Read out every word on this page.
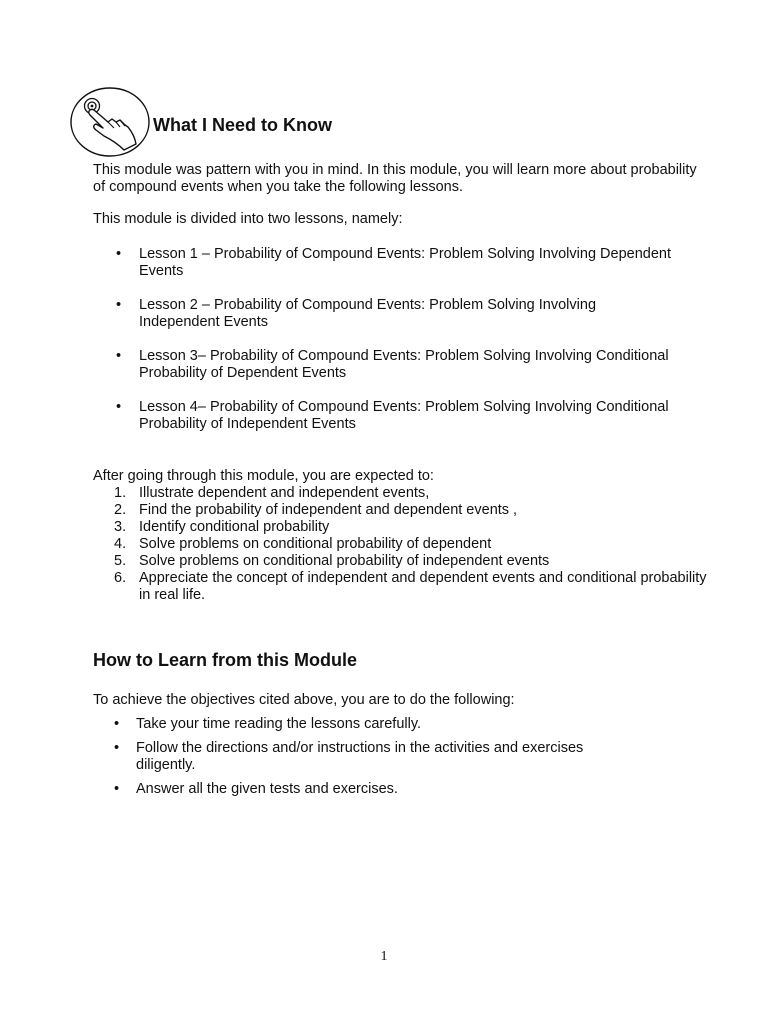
What I Need to Know

This module was pattern with you in mind. In this module, you will learn more about probability of compound events when you take the following lessons.

This module is divided into two lessons, namely:

• Lesson 1 – Probability of Compound Events: Problem Solving Involving Dependent Events
• Lesson 2 – Probability of Compound Events: Problem Solving Involving Independent Events
• Lesson 3– Probability of Compound Events: Problem Solving Involving Conditional Probability of Dependent Events
• Lesson 4– Probability of Compound Events: Problem Solving Involving Conditional Probability of Independent Events

After going through this module, you are expected to:

1. Illustrate dependent and independent events,
2. Find the probability of independent and dependent events ,
3. Identify conditional probability
4. Solve problems on conditional probability of dependent
5. Solve problems on conditional probability of independent events
6. Appreciate the concept of independent and dependent events and conditional probability in real life.
How to Learn from this Module

To achieve the objectives cited above, you are to do the following:

• Take your time reading the lessons carefully.
• Follow the directions and/or instructions in the activities and exercises diligently.
• Answer all the given tests and exercises.
1
